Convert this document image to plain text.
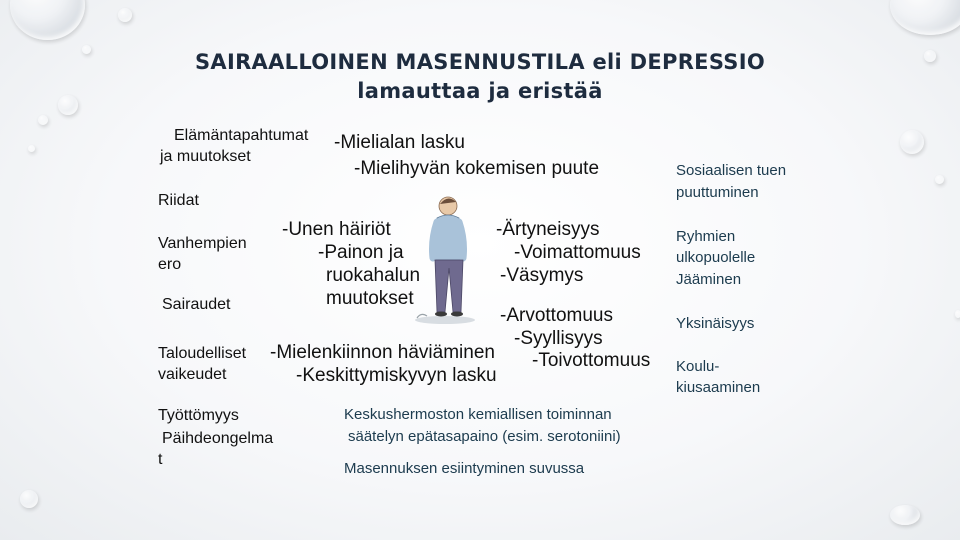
SAIRAALLOINEN MASENNUSTILA eli DEPRESSIO
lamauttaa ja eristää
Elämäntapahtumat
ja muutokset
Riidat
Vanhempien
ero
Sairaudet
Taloudelliset
vaikeudet
Työttömyys
Päihdeongelma
t
-Mielialan lasku
-Mielihyvän kokemisen puute
-Unen häiriöt
-Painon ja
ruokahalun
muutokset
-Ärtyneisyys
-Voimattomuus
-Väsymys
-Arvottomuus
-Syyllisyys
-Mielenkiinnon häviäminen -Toivottomuus
-Keskittymiskyvyn lasku
Sosiaalisen tuen
puuttuminen
Ryhmien
ulkopuolelle
Jääminen
Yksinäisyys
Koulu-
kiusaaminen
Keskushermoston kemiallisen toiminnan
säätelyn epätasapaino (esim. serotoniini)
Masennuksen esiintyminen suvussa
